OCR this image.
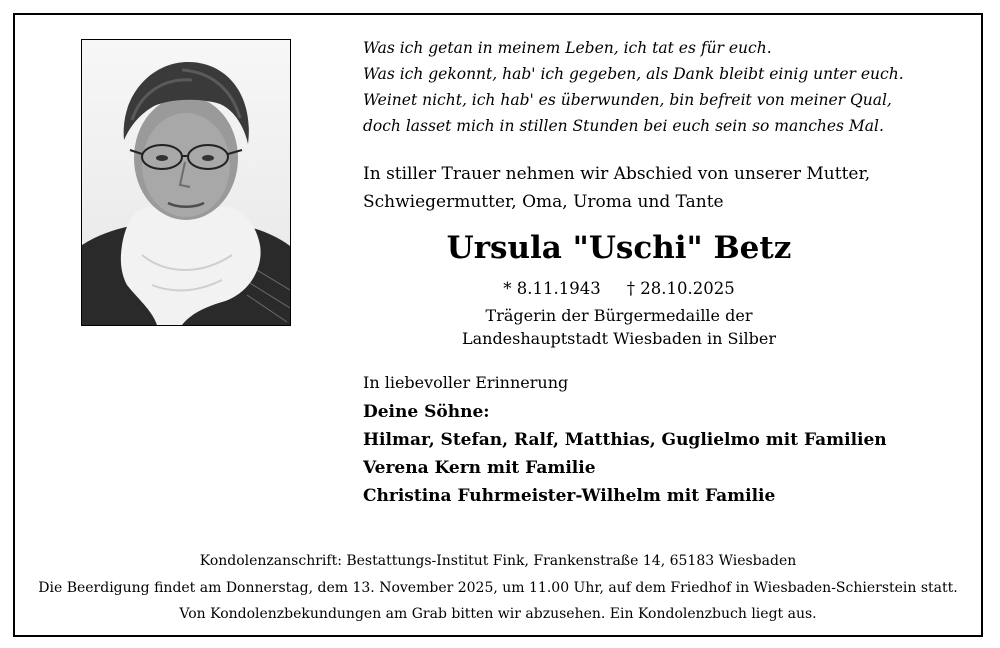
Was ich getan in meinem Leben, ich tat es für euch.
Was ich gekonnt, hab' ich gegeben, als Dank bleibt einig unter euch.
Weinet nicht, ich hab' es überwunden, bin befreit von meiner Qual,
doch lasset mich in stillen Stunden bei euch sein so manches Mal.
In stiller Trauer nehmen wir Abschied von unserer Mutter,
Schwiegermutter, Oma, Uroma und Tante
Ursula "Uschi" Betz
* 8.11.1943 † 28.10.2025
Trägerin der Bürgermedaille der
Landeshauptstadt Wiesbaden in Silber
In liebevoller Erinnerung
Deine Söhne:
Hilmar, Stefan, Ralf, Matthias, Guglielmo mit Familien
Verena Kern mit Familie
Christina Fuhrmeister-Wilhelm mit Familie
Kondolenzanschrift: Bestattungs-Institut Fink, Frankenstraße 14, 65183 Wiesbaden
Die Beerdigung findet am Donnerstag, dem 13. November 2025, um 11.00 Uhr, auf dem Friedhof in Wiesbaden-Schierstein statt.
Von Kondolenzbekundungen am Grab bitten wir abzusehen. Ein Kondolenzbuch liegt aus.
